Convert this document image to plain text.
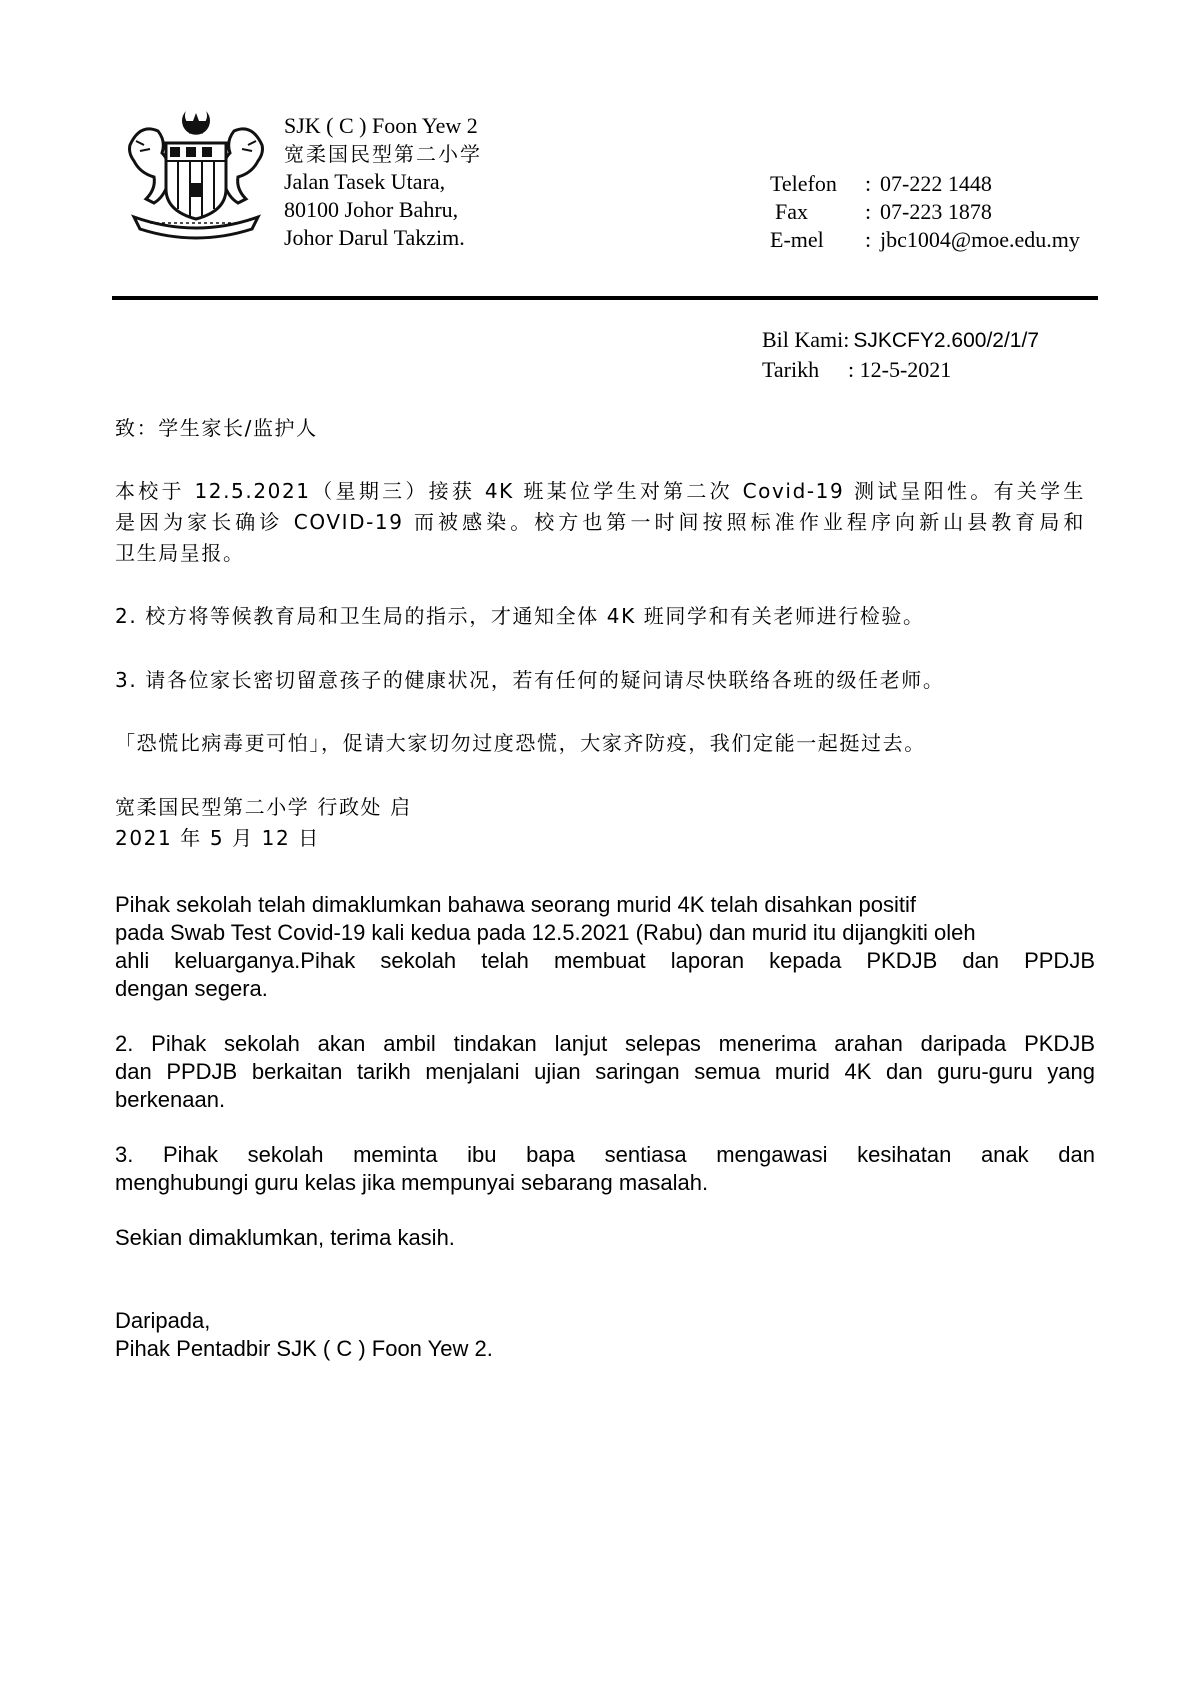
SJK ( C ) Foon Yew 2
宽柔国民型第二小学
Jalan Tasek Utara,
80100 Johor Bahru,
Johor Darul Takzim.
Telefon : 07-222 1448
Fax	: 07-223 1878
E-mel : jbc1004@moe.edu.my
Bil Kami: SJKCFY2.600/2/1/7
Tarikh : 12-5-2021
致：学生家长/监护人
本校于 12.5.2021（星期三）接获 4K 班某位学生对第二次 Covid-19 测试呈阳性。有关学生
是因为家长确诊 COVID-19 而被感染。校方也第一时间按照标准作业程序向新山县教育局和
卫生局呈报。
2. 校方将等候教育局和卫生局的指示，才通知全体 4K 班同学和有关老师进行检验。
3. 请各位家长密切留意孩子的健康状况，若有任何的疑问请尽快联络各班的级任老师。
「恐慌比病毒更可怕」，促请大家切勿过度恐慌，大家齐防疫，我们定能一起挺过去。
宽柔国民型第二小学 行政处 启
2021 年 5 月 12 日
Pihak sekolah telah dimaklumkan bahawa seorang murid 4K telah disahkan positif
pada Swab Test Covid-19 kali kedua pada 12.5.2021 (Rabu) dan murid itu dijangkiti oleh
ahli keluarganya.Pihak sekolah telah membuat laporan kepada PKDJB dan PPDJB
dengan segera.
2. Pihak sekolah akan ambil tindakan lanjut selepas menerima arahan daripada PKDJB
dan PPDJB berkaitan tarikh menjalani ujian saringan semua murid 4K dan guru-guru yang
berkenaan.
3. Pihak sekolah meminta ibu bapa sentiasa mengawasi kesihatan anak dan
menghubungi guru kelas jika mempunyai sebarang masalah.
Sekian dimaklumkan, terima kasih.
Daripada,
Pihak Pentadbir SJK ( C ) Foon Yew 2.
